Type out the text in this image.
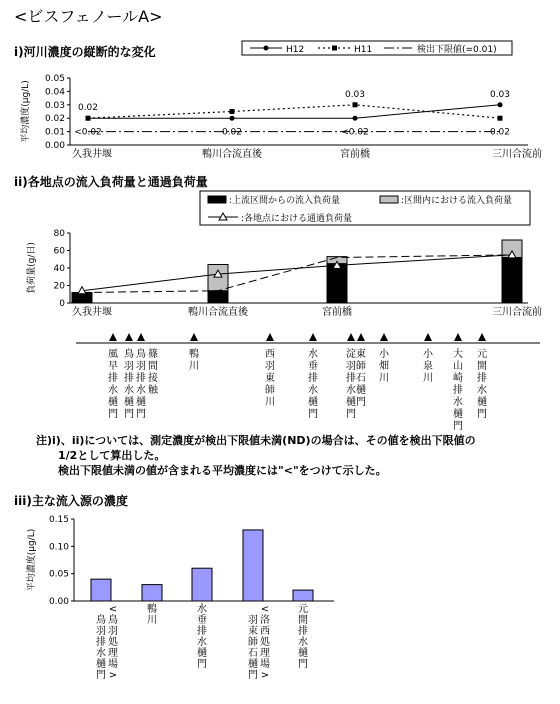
<ビスフェノールA>
i)河川濃度の縦断的な変化
ii)各地点の流入負荷量と通過負荷量
iii)主な流入源の濃度
注)i)、ii)については、測定濃度が検出下限値未満(ND)の場合は、その値を検出下限値の
1/2として算出した。
検出下限値未満の値が含まれる平均濃度には"<"をつけて示した。
0.00
0.01
0.02
0.03
0.04
0.05
平均濃度(μg/L)
久我井堰	鴨川合流直後	宮前橋	三川合流前
0.02
0.03
0.03
<0.02	0.02	<0.02	0.02
H12	H11	検出下限値(=0.01)
0
20
40
60
80
負荷量(g/日)
久我井堰	鴨川合流直後	宮前橋	三川合流前
:上流区間からの流入負荷量	:区間内における流入負荷量
:各地点における通過負荷量
風早排水樋門
鳥羽排水樋門
鳥羽排水樋門
篠間接触
鴨川
西羽東師川
水垂排水樋門
淀羽排水樋門
東師石樋門
小畑川
小泉川
大山崎排水樋門
元開排水樋門
0.00
0.05
0.10
0.15
平均濃度(μg/L)
<鳥羽処理場>
鳥羽排水樋門
鴨川
水垂排水樋門
<洛西処理場>
羽束師石樋門
元開排水樋門
